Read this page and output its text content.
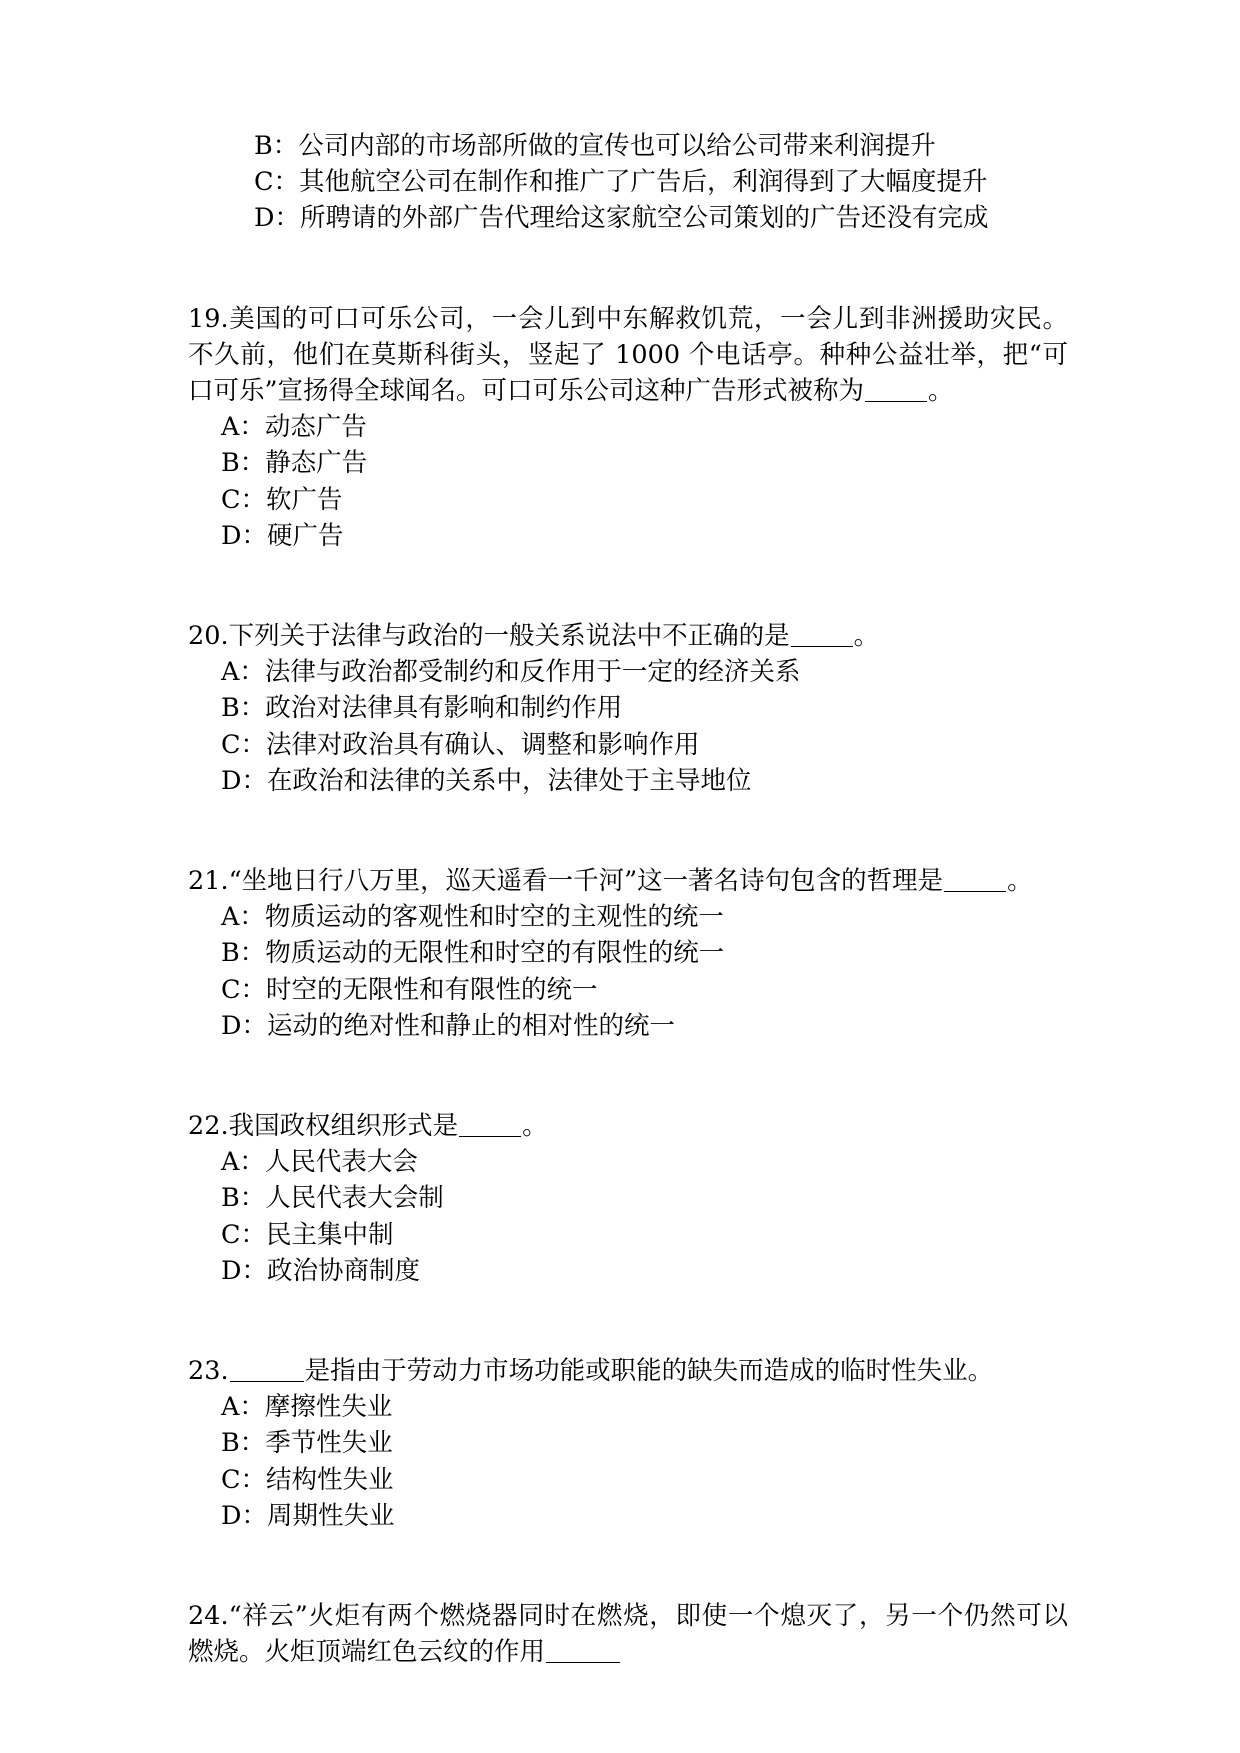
B：公司内部的市场部所做的宣传也可以给公司带来利润提升
C：其他航空公司在制作和推广了广告后，利润得到了大幅度提升
D：所聘请的外部广告代理给这家航空公司策划的广告还没有完成

19.美国的可口可乐公司，一会儿到中东解救饥荒，一会儿到非洲援助灾民。不久前，他们在莫斯科街头，竖起了 1000 个电话亭。种种公益壮举，把“可口可乐”宣扬得全球闻名。可口可乐公司这种广告形式被称为	。

A：动态广告
B：静态广告
C：软广告
D：硬广告

20.下列关于法律与政治的一般关系说法中不正确的是	。

A：法律与政治都受制约和反作用于一定的经济关系
B：政治对法律具有影响和制约作用
C：法律对政治具有确认、调整和影响作用
D：在政治和法律的关系中，法律处于主导地位

21.“坐地日行八万里，巡天遥看一千河”这一著名诗句包含的哲理是	。

A：物质运动的客观性和时空的主观性的统一
B：物质运动的无限性和时空的有限性的统一
C：时空的无限性和有限性的统一
D：运动的绝对性和静止的相对性的统一

22.我国政权组织形式是	。

A：人民代表大会
B：人民代表大会制
C：民主集中制
D：政治协商制度

23.	是指由于劳动力市场功能或职能的缺失而造成的临时性失业。

A：摩擦性失业
B：季节性失业
C：结构性失业
D：周期性失业

24.“祥云”火炬有两个燃烧器同时在燃烧，即使一个熄灭了，另一个仍然可以燃烧。火炬顶端红色云纹的作用
